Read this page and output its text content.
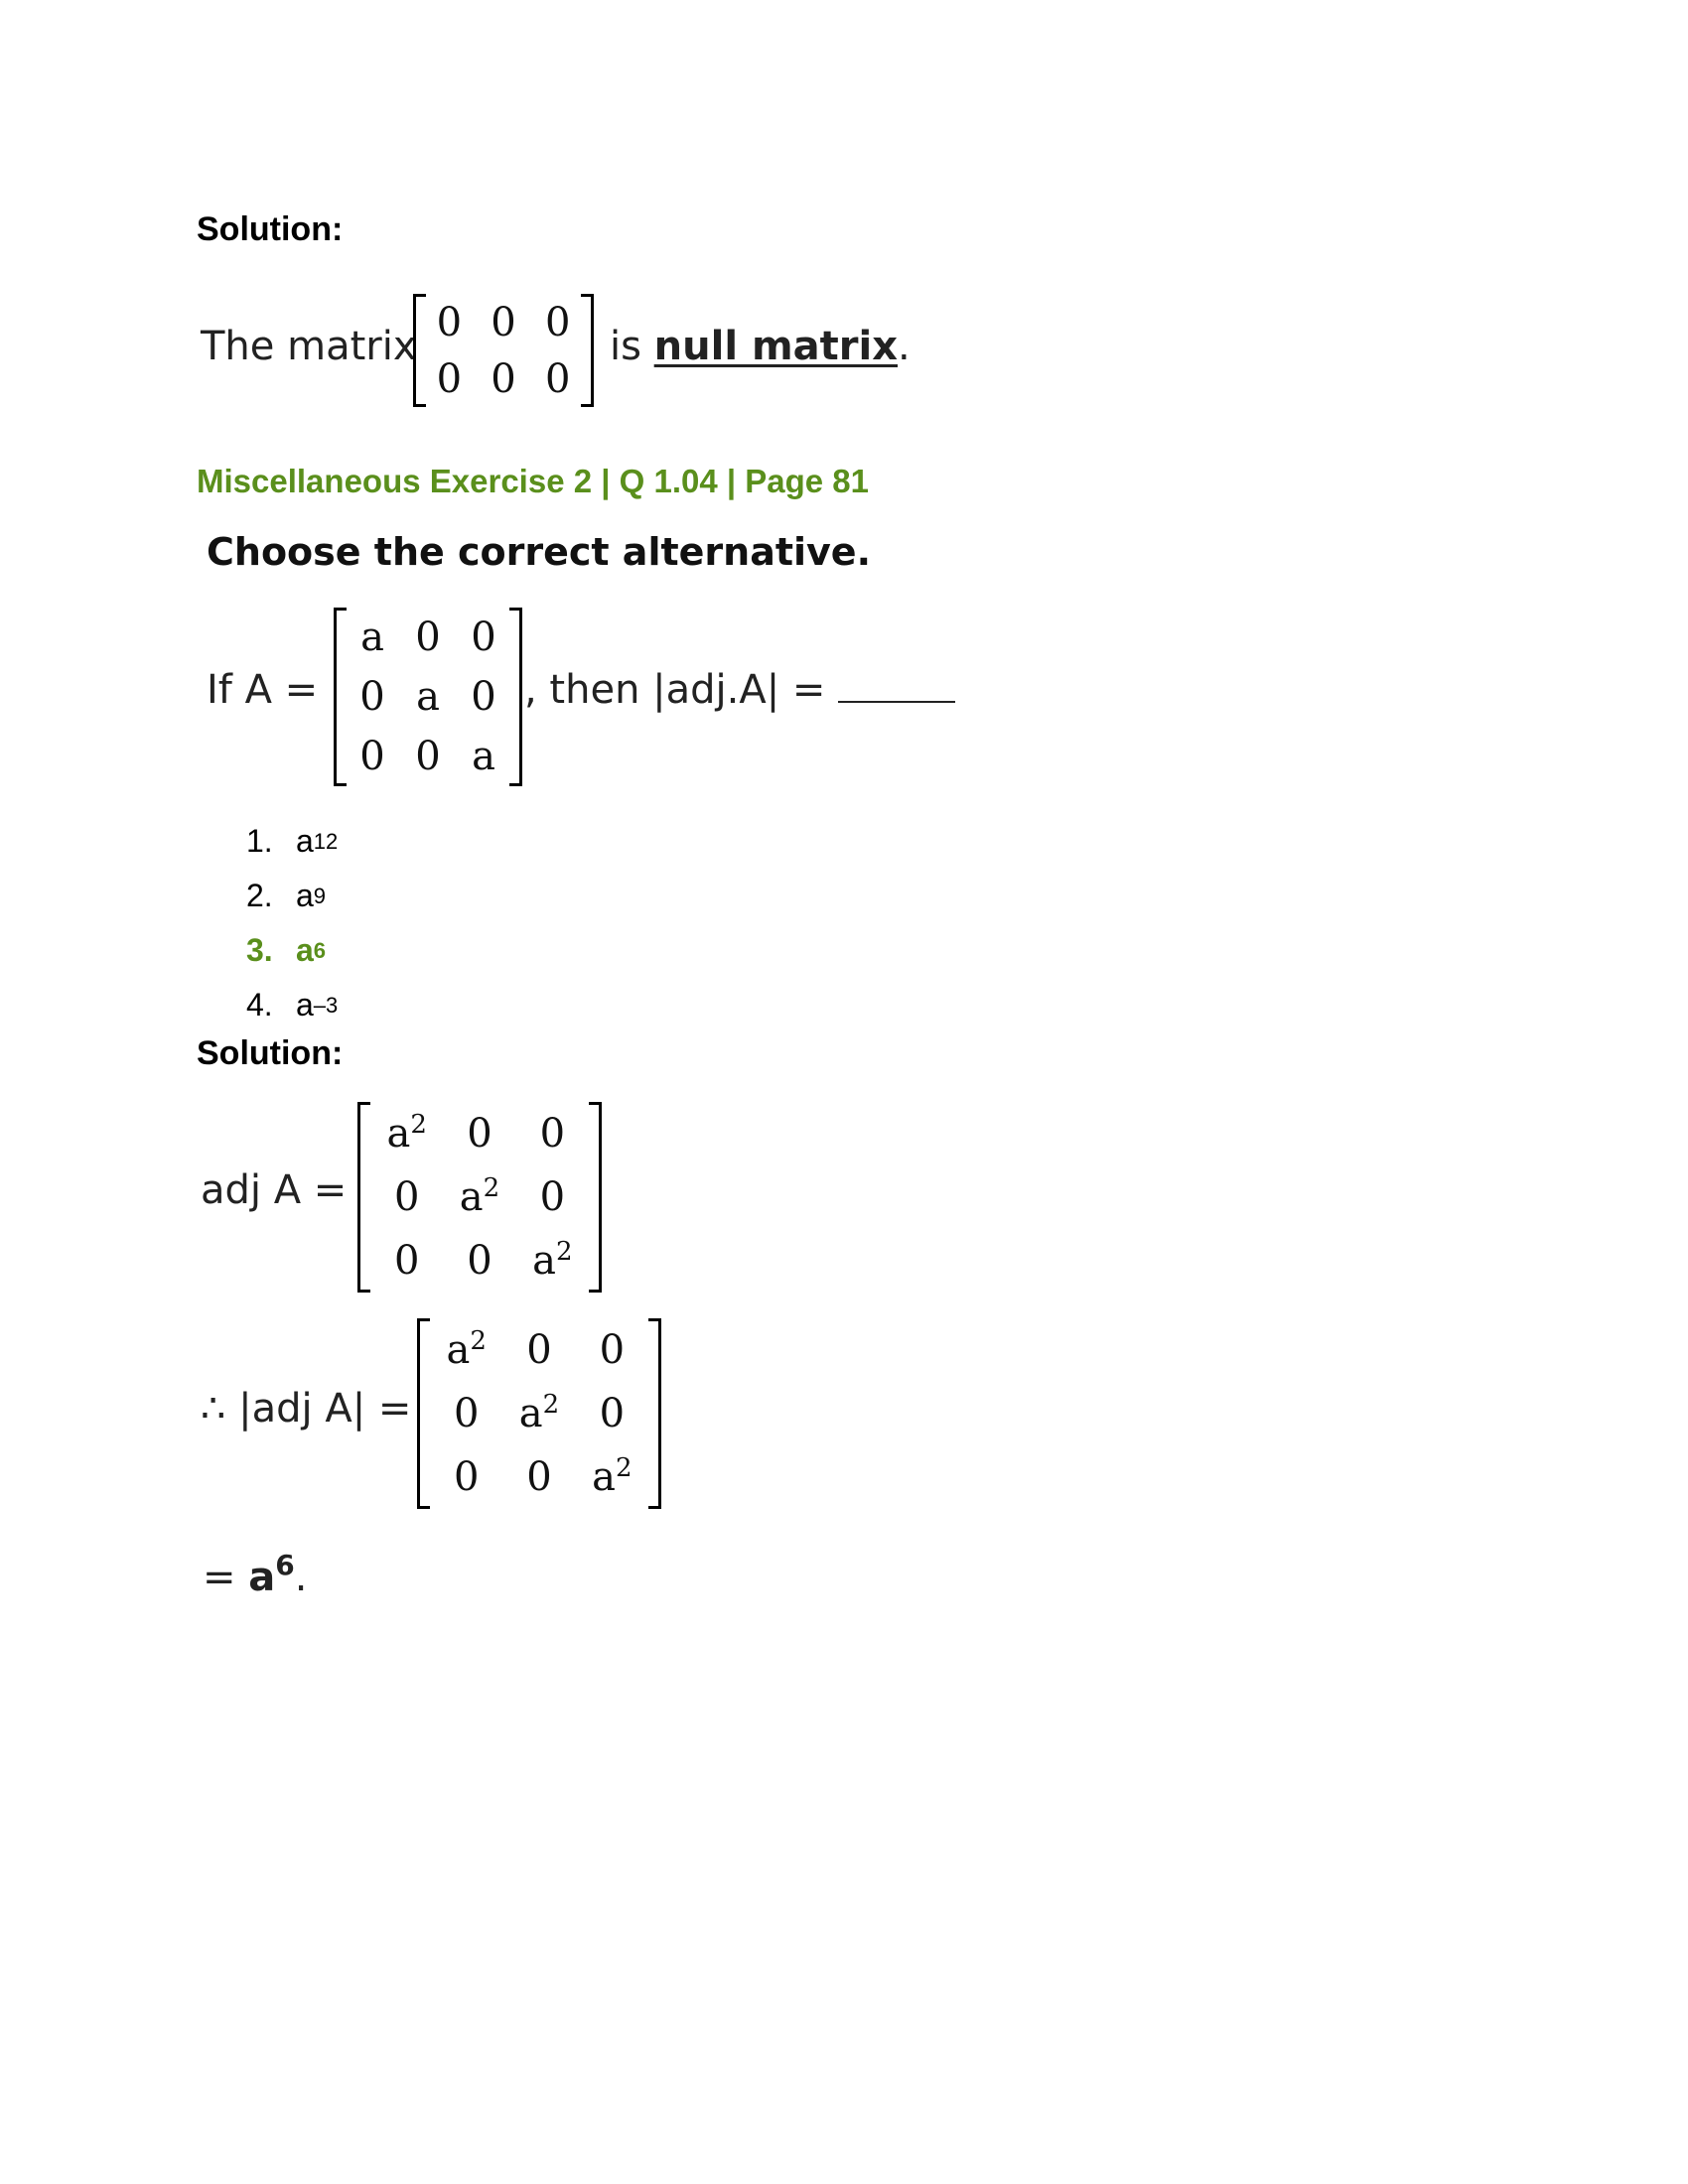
Solution:
The matrix
0 0 0
0 0 0
is null matrix.
Miscellaneous Exercise 2 | Q 1.04 | Page 81
Choose the correct alternative.
If A =
a 0 0
0 a 0
0 0 a
, then |adj.A| =
1. a 12
2. a 9
3. a 6
4. a –3
Solution:
adj A =
$a^2$ 0 0
0 $a^2$ 0
0 0 $a^2$
∴ |adj A| =
$a^2$ 0 0
0 $a^2$ 0
0 0 $a^2$
= $a^6$.
